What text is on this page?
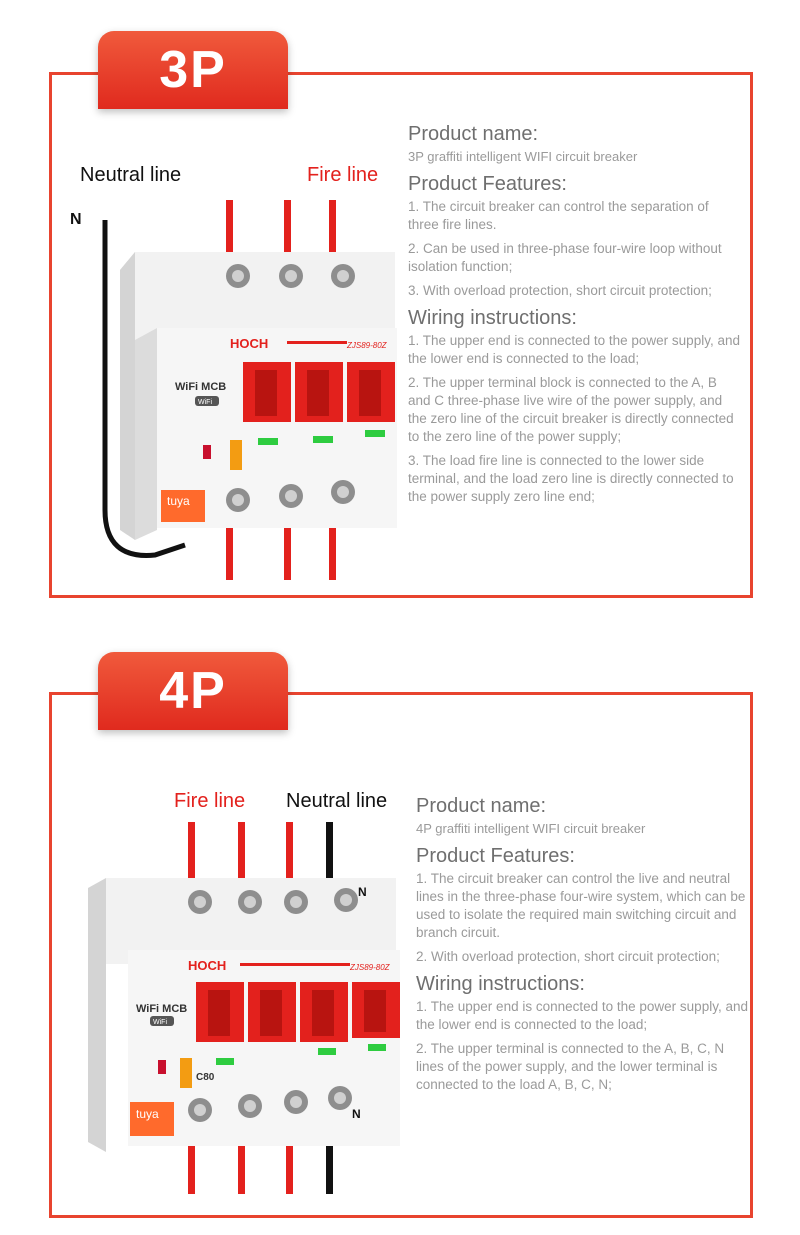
3P
Neutral line	Fire line
N
HOCH	ZJS89-80Z
WiFi MCB
WiFi
tuya
Product name:
3P graffiti intelligent WIFI circuit breaker
Product Features:
1. The circuit breaker can control the separation of three fire lines.
2. Can be used in three-phase four-wire loop without isolation function;
3. With overload protection, short circuit protection;
Wiring instructions:
1. The upper end is connected to the power supply, and the lower end is connected to the load;
2. The upper terminal block is connected to the A, B and C three-phase live wire of the power supply, and the zero line of the circuit breaker is directly connected to the zero line of the power supply;
3. The load fire line is connected to the lower side terminal, and the load zero line is directly connected to the power supply zero line end;
4P
Fire line Neutral line
N
HOCH	ZJS89-80Z
WiFi MCB
WiFi
C80
tuya	N
Product name:
4P graffiti intelligent WIFI circuit breaker
Product Features:
1. The circuit breaker can control the live and neutral lines in the three-phase four-wire system, which can be used to isolate the required main switching circuit and branch circuit.
2. With overload protection, short circuit protection;
Wiring instructions:
1. The upper end is connected to the power supply, and the lower end is connected to the load;
2. The upper terminal is connected to the A, B, C, N lines of the power supply, and the lower terminal is connected to the load A, B, C, N;
